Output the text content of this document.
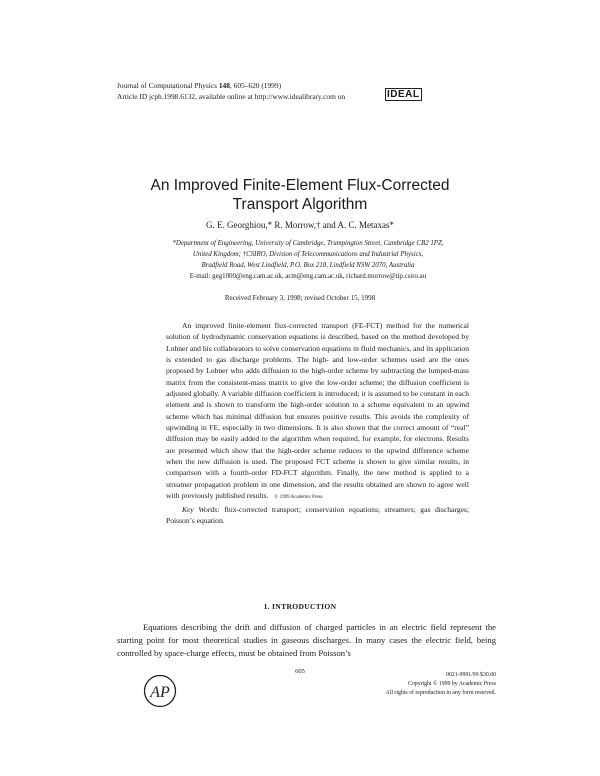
Journal of Computational Physics 148, 605–620 (1999)
Article ID jcph.1998.6132, available online at http://www.idealibrary.com on	IDEAL
An Improved Finite-Element Flux-Corrected
Transport Algorithm
G. E. Georghiou,* R. Morrow,† and A. C. Metaxas*
*Department of Engineering, University of Cambridge, Trumpington Street, Cambridge CB2 1PZ,
United Kingdom; †CSIRO, Division of Telecommunications and Industrial Physics,
Bradfield Road, West Lindfield, P.O. Box 218, Lindfield NSW 2070, Australia
E-mail: geg1000@eng.cam.ac.uk, acm@eng.cam.ac.uk, richard.morrow@tip.csiro.au
Received February 3, 1998; revised October 15, 1998

An improved finite-element flux-corrected transport (FE-FCT) method for the numerical solution of hydrodynamic conservation equations is described, based on the method developed by Lohner and his collaborators to solve conservation equations in fluid mechanics, and its application is extended to gas discharge problems. The high- and low-order schemes used are the ones proposed by Lohner who adds diffusion to the high-order scheme by subtracting the lumped-mass matrix from the consistent-mass matrix to give the low-order scheme; the diffusion coefficient is adjusted globally. A variable diffusion coefficient is introduced; it is assumed to be constant in each element and is shown to transform the high-order solution to a scheme equivalent to an upwind scheme which has minimal diffusion but ensures positive results. This avoids the complexity of upwinding in FE, especially in two dimensions. It is also shown that the correct amount of “real” diffusion may be easily added to the algorithm when required, for example, for electrons. Results are presented which show that the high-order scheme reduces to the upwind difference scheme when the new diffusion is used. The proposed FCT scheme is shown to give similar results, in comparison with a fourth-order FD-FCT algorithm. Finally, the new method is applied to a streamer propagation problem in one dimension, and the results obtained are shown to agree well with previously published results. © 1999 Academic Press

Key Words: flux-corrected transport; conservation equations; streamers; gas discharges; Poisson’s equation.

1. INTRODUCTION

Equations describing the drift and diffusion of charged particles in an electric field represent the starting point for most theoretical studies in gaseous discharges. In many cases the electric field, being controlled by space-charge effects, must be obtained from Poisson’s

605
AP
0021-9991/99 $30.00
Copyright © 1999 by Academic Press
All rights of reproduction in any form reserved.
